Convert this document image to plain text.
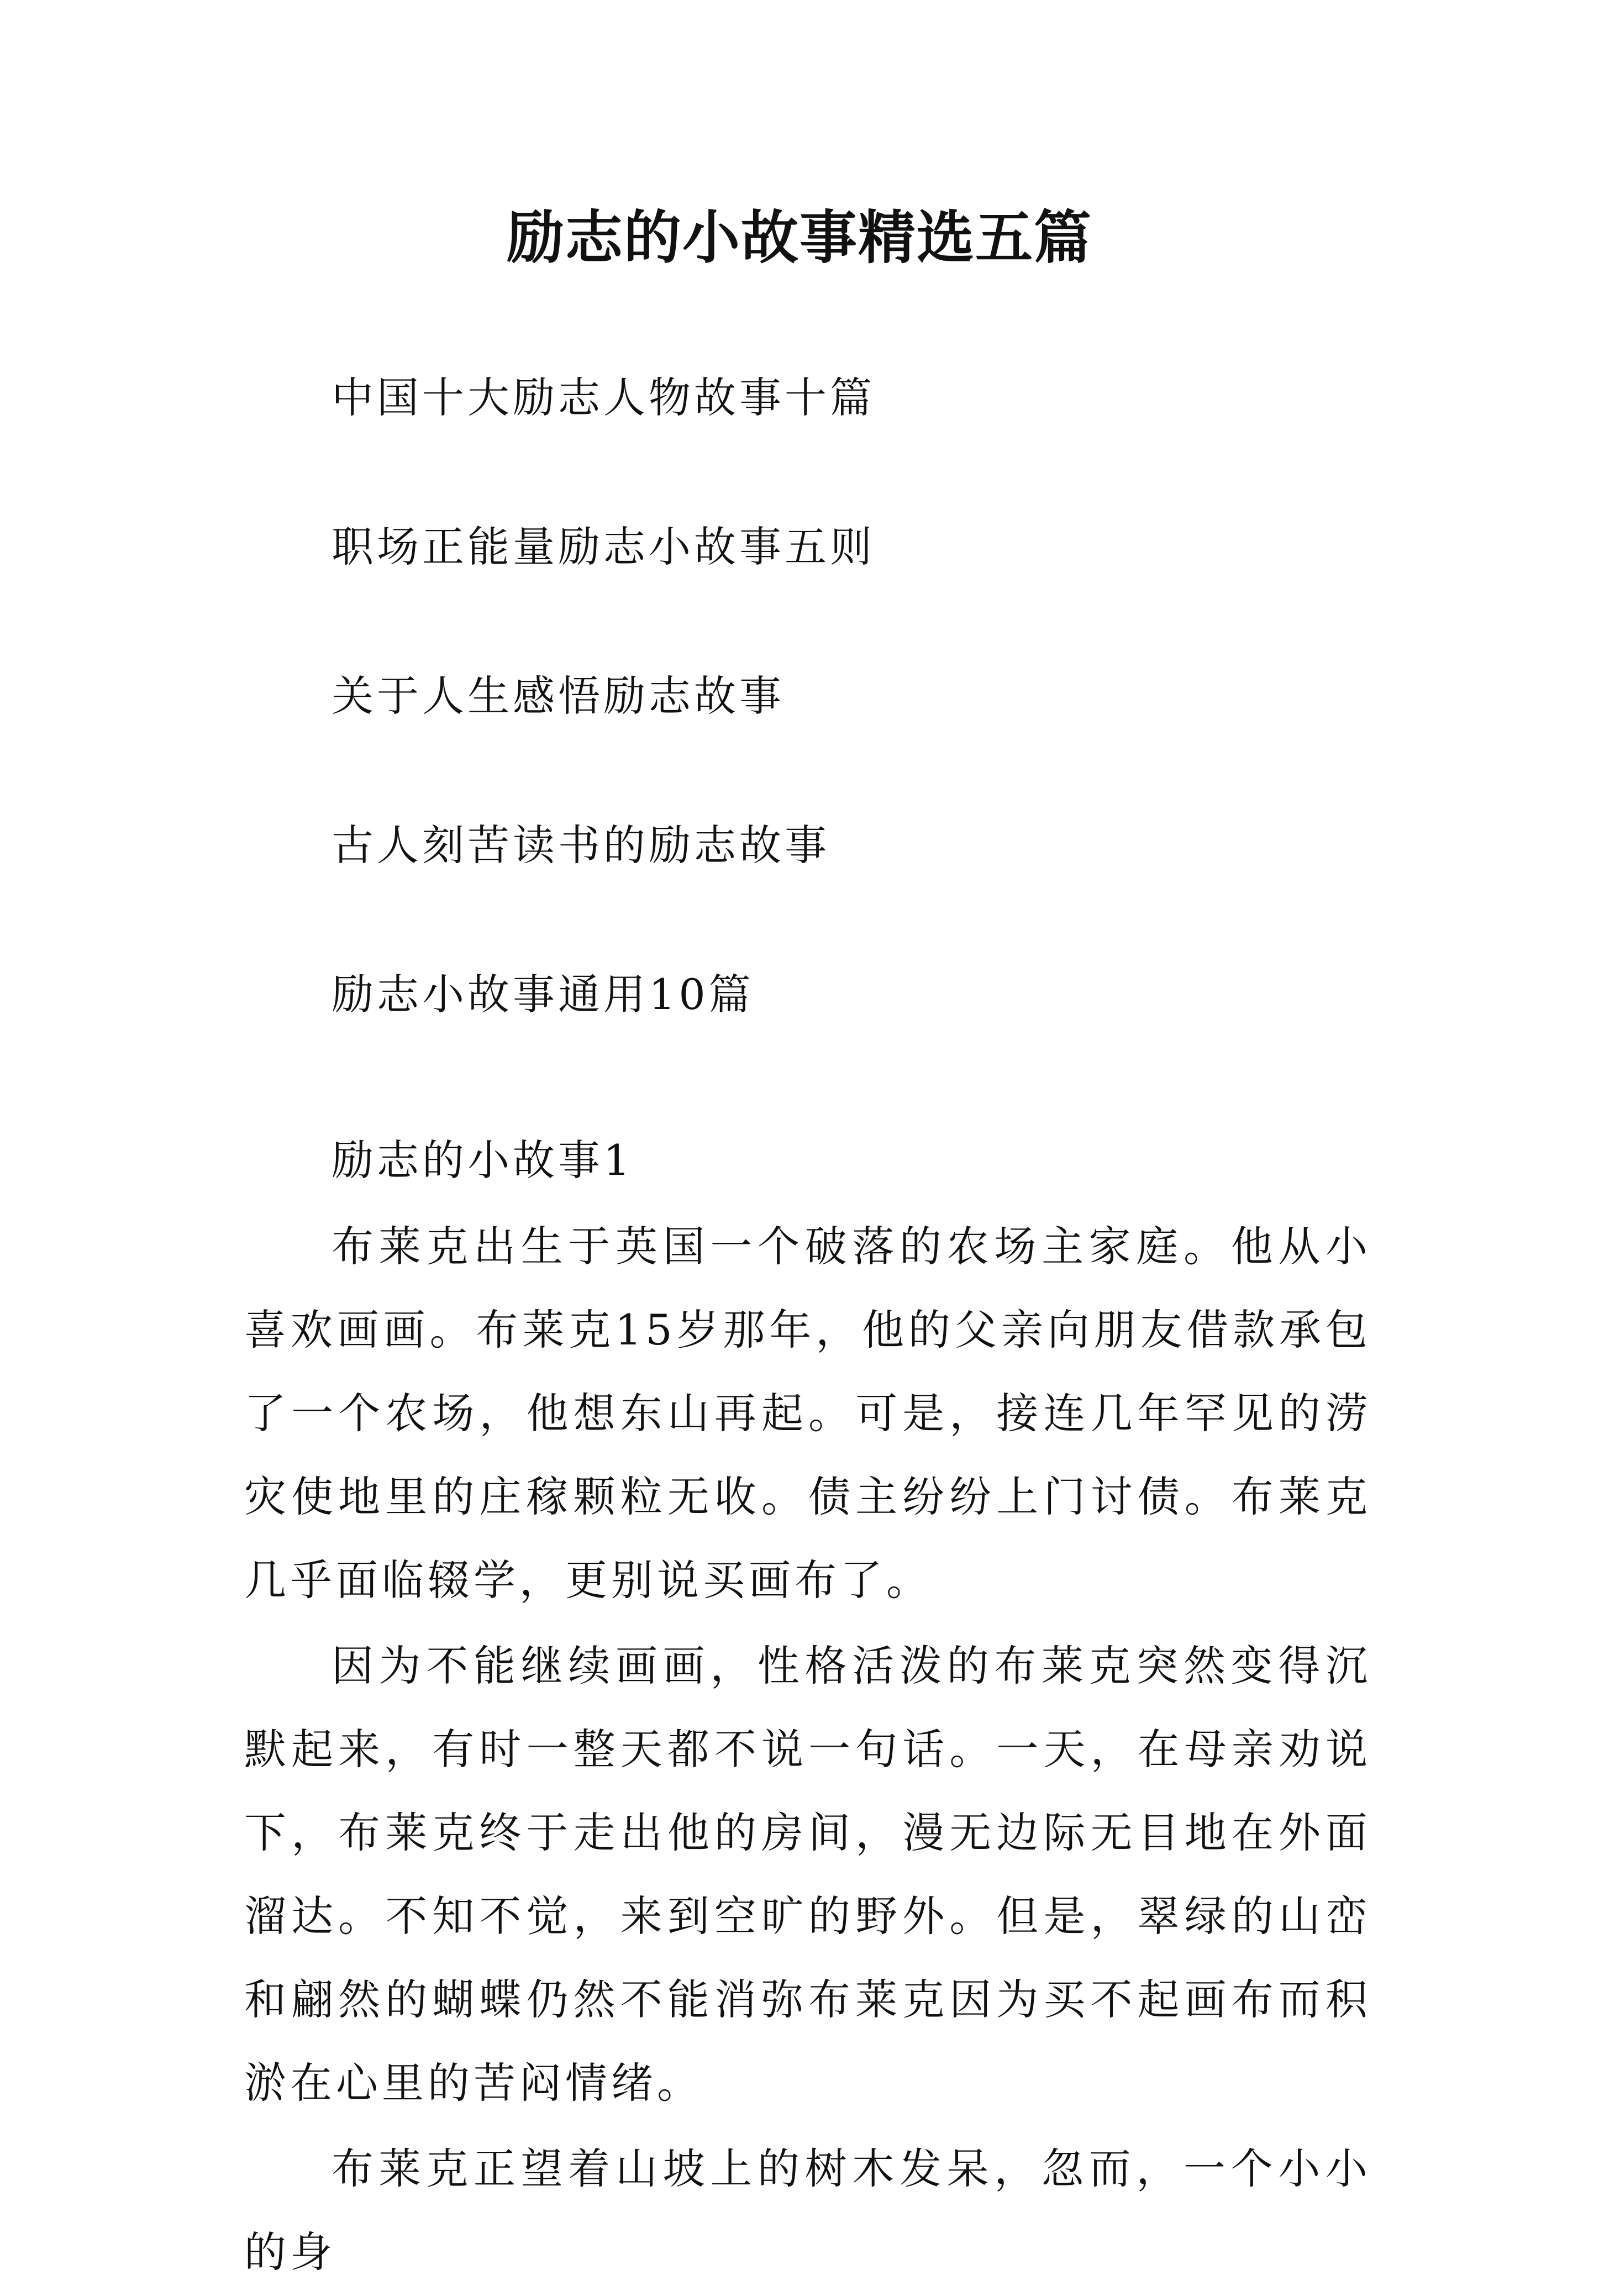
励志的小故事精选五篇
中国十大励志人物故事十篇
职场正能量励志小故事五则
关于人生感悟励志故事
古人刻苦读书的励志故事
励志小故事通用10篇
励志的小故事1

布莱克出生于英国一个破落的农场主家庭。他从小喜欢画画。布莱克15岁那年，他的父亲向朋友借款承包了一个农场，他想东山再起。可是，接连几年罕见的涝灾使地里的庄稼颗粒无收。债主纷纷上门讨债。布莱克几乎面临辍学，更别说买画布了。

因为不能继续画画，性格活泼的布莱克突然变得沉默起来，有时一整天都不说一句话。一天，在母亲劝说下，布莱克终于走出他的房间，漫无边际无目地在外面溜达。不知不觉，来到空旷的野外。但是，翠绿的山峦和翩然的蝴蝶仍然不能消弥布莱克因为买不起画布而积淤在心里的苦闷情绪。

布莱克正望着山坡上的树木发呆，忽而，一个小小的身
